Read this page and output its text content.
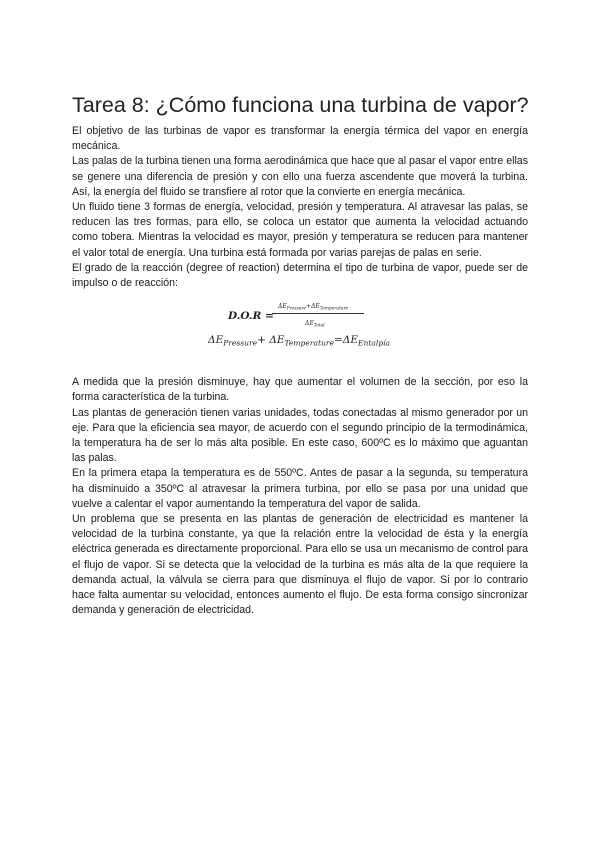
Tarea 8: ¿Cómo funciona una turbina de vapor?

El objetivo de las turbinas de vapor es transformar la energía térmica del vapor en energía mecánica.

Las palas de la turbina tienen una forma aerodinámica que hace que al pasar el vapor entre ellas se genere una diferencia de presión y con ello una fuerza ascendente que moverá la turbina. Así, la energía del fluido se transfiere al rotor que la convierte en energía mecánica.

Un fluido tiene 3 formas de energía, velocidad, presión y temperatura. Al atravesar las palas, se reducen las tres formas, para ello, se coloca un estator que aumenta la velocidad actuando como tobera. Mientras la velocidad es mayor, presión y temperatura se reducen para mantener el valor total de energía. Una turbina está formada por varias parejas de palas en serie.

El grado de la reacción (degree of reaction) determina el tipo de turbina de vapor, puede ser de impulso o de reacción:

D.O.R =
$\Delta E_{Pressure}+\Delta E_{Temperature}$
$\Delta E_{Total}$
$\Delta E_{Pressure}+ \Delta E_{Temperature}=\Delta E_{Entalpía}$

A medida que la presión disminuye, hay que aumentar el volumen de la sección, por eso la forma característica de la turbina.

Las plantas de generación tienen varias unidades, todas conectadas al mismo generador por un eje. Para que la eficiencia sea mayor, de acuerdo con el segundo principio de la termodinámica, la temperatura ha de ser lo más alta posible. En este caso, 600ºC es lo máximo que aguantan las palas.

En la primera etapa la temperatura es de 550ºC. Antes de pasar a la segunda, su temperatura ha disminuido a 350ºC al atravesar la primera turbina, por ello se pasa por una unidad que vuelve a calentar el vapor aumentando la temperatura del vapor de salida.

Un problema que se presenta en las plantas de generación de electricidad es mantener la velocidad de la turbina constante, ya que la relación entre la velocidad de ésta y la energía eléctrica generada es directamente proporcional. Para ello se usa un mecanismo de control para el flujo de vapor. Si se detecta que la velocidad de la turbina es más alta de la que requiere la demanda actual, la válvula se cierra para que disminuya el flujo de vapor. Si por lo contrario hace falta aumentar su velocidad, entonces aumento el flujo. De esta forma consigo sincronizar demanda y generación de electricidad.
